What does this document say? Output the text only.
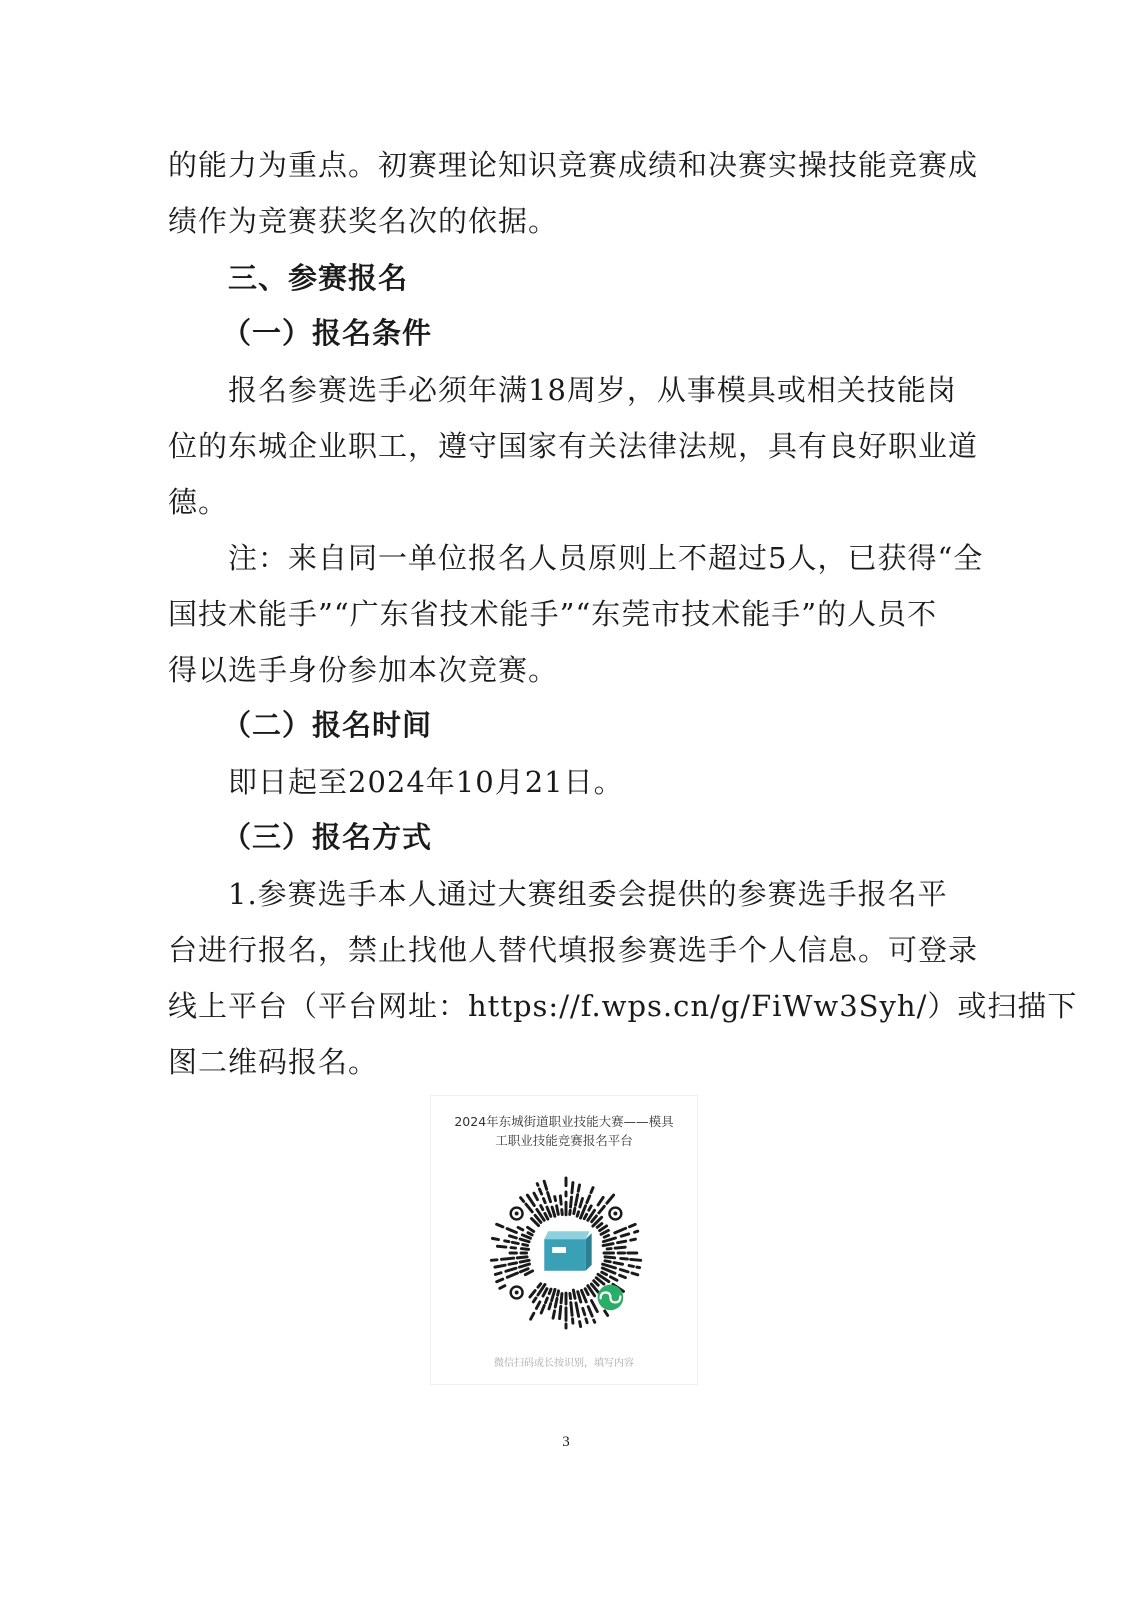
的能力为重点。初赛理论知识竞赛成绩和决赛实操技能竞赛成
绩作为竞赛获奖名次的依据。
三、参赛报名
（一）报名条件
报名参赛选手必须年满18周岁，从事模具或相关技能岗
位的东城企业职工，遵守国家有关法律法规，具有良好职业道
德。
注：来自同一单位报名人员原则上不超过5人，已获得“全
国技术能手”“广东省技术能手”“东莞市技术能手”的人员不
得以选手身份参加本次竞赛。
（二）报名时间
即日起至2024年10月21日。
（三）报名方式
1.参赛选手本人通过大赛组委会提供的参赛选手报名平
台进行报名，禁止找他人替代填报参赛选手个人信息。可登录
线上平台（平台网址：https://f.wps.cn/g/FiWw3Syh/）或扫描下
图二维码报名。
2024年东城街道职业技能大赛——模具
工职业技能竞赛报名平台
微信扫码或长按识别，填写内容
3
